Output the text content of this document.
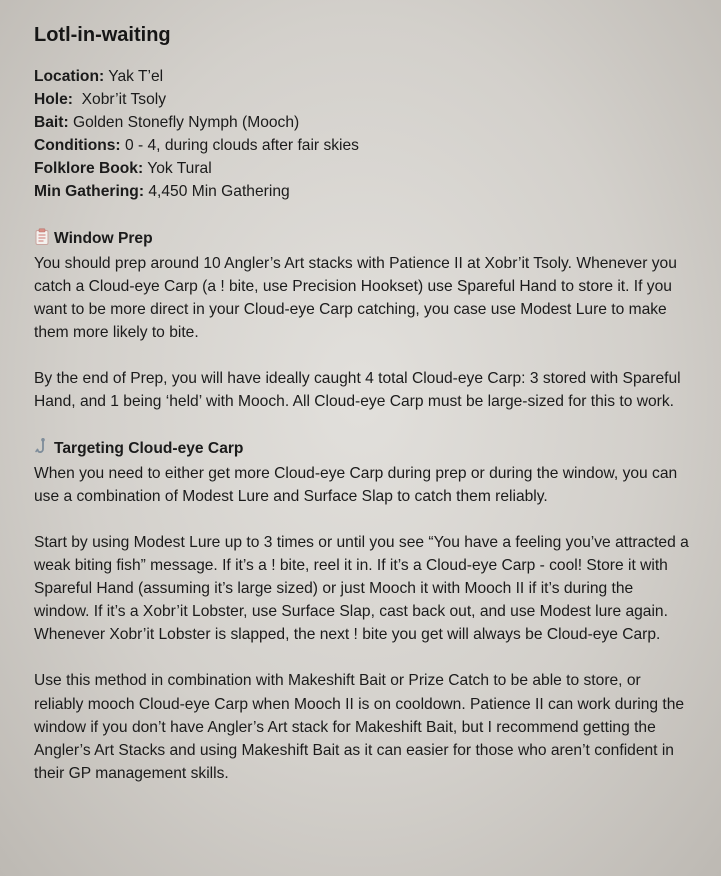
Lotl-in-waiting
Location: Yak T’el
Hole:  Xobr’it Tsoly
Bait: Golden Stonefly Nymph (Mooch)
Conditions: 0 - 4, during clouds after fair skies
Folklore Book: Yok Tural
Min Gathering: 4,450 Min Gathering
Window Prep

You should prep around 10 Angler’s Art stacks with Patience II at Xobr’it Tsoly. Whenever you catch a Cloud-eye Carp (a ! bite, use Precision Hookset) use Spareful Hand to store it. If you want to be more direct in your Cloud-eye Carp catching, you case use Modest Lure to make them more likely to bite.

By the end of Prep, you will have ideally caught 4 total Cloud-eye Carp: 3 stored with Spareful Hand, and 1 being ‘held’ with Mooch. All Cloud-eye Carp must be large-sized for this to work.

Targeting Cloud-eye Carp

When you need to either get more Cloud-eye Carp during prep or during the window, you can use a combination of Modest Lure and Surface Slap to catch them reliably.

Start by using Modest Lure up to 3 times or until you see “You have a feeling you’ve attracted a weak biting fish” message. If it’s a ! bite, reel it in. If it’s a Cloud-eye Carp - cool! Store it with Spareful Hand (assuming it’s large sized) or just Mooch it with Mooch II if it’s during the window. If it’s a Xobr’it Lobster, use Surface Slap, cast back out, and use Modest lure again. Whenever Xobr’it Lobster is slapped, the next ! bite you get will always be Cloud-eye Carp.

Use this method in combination with Makeshift Bait or Prize Catch to be able to store, or reliably mooch Cloud-eye Carp when Mooch II is on cooldown. Patience II can work during the window if you don’t have Angler’s Art stack for Makeshift Bait, but I recommend getting the Angler’s Art Stacks and using Makeshift Bait as it can easier for those who aren’t confident in their GP management skills.
